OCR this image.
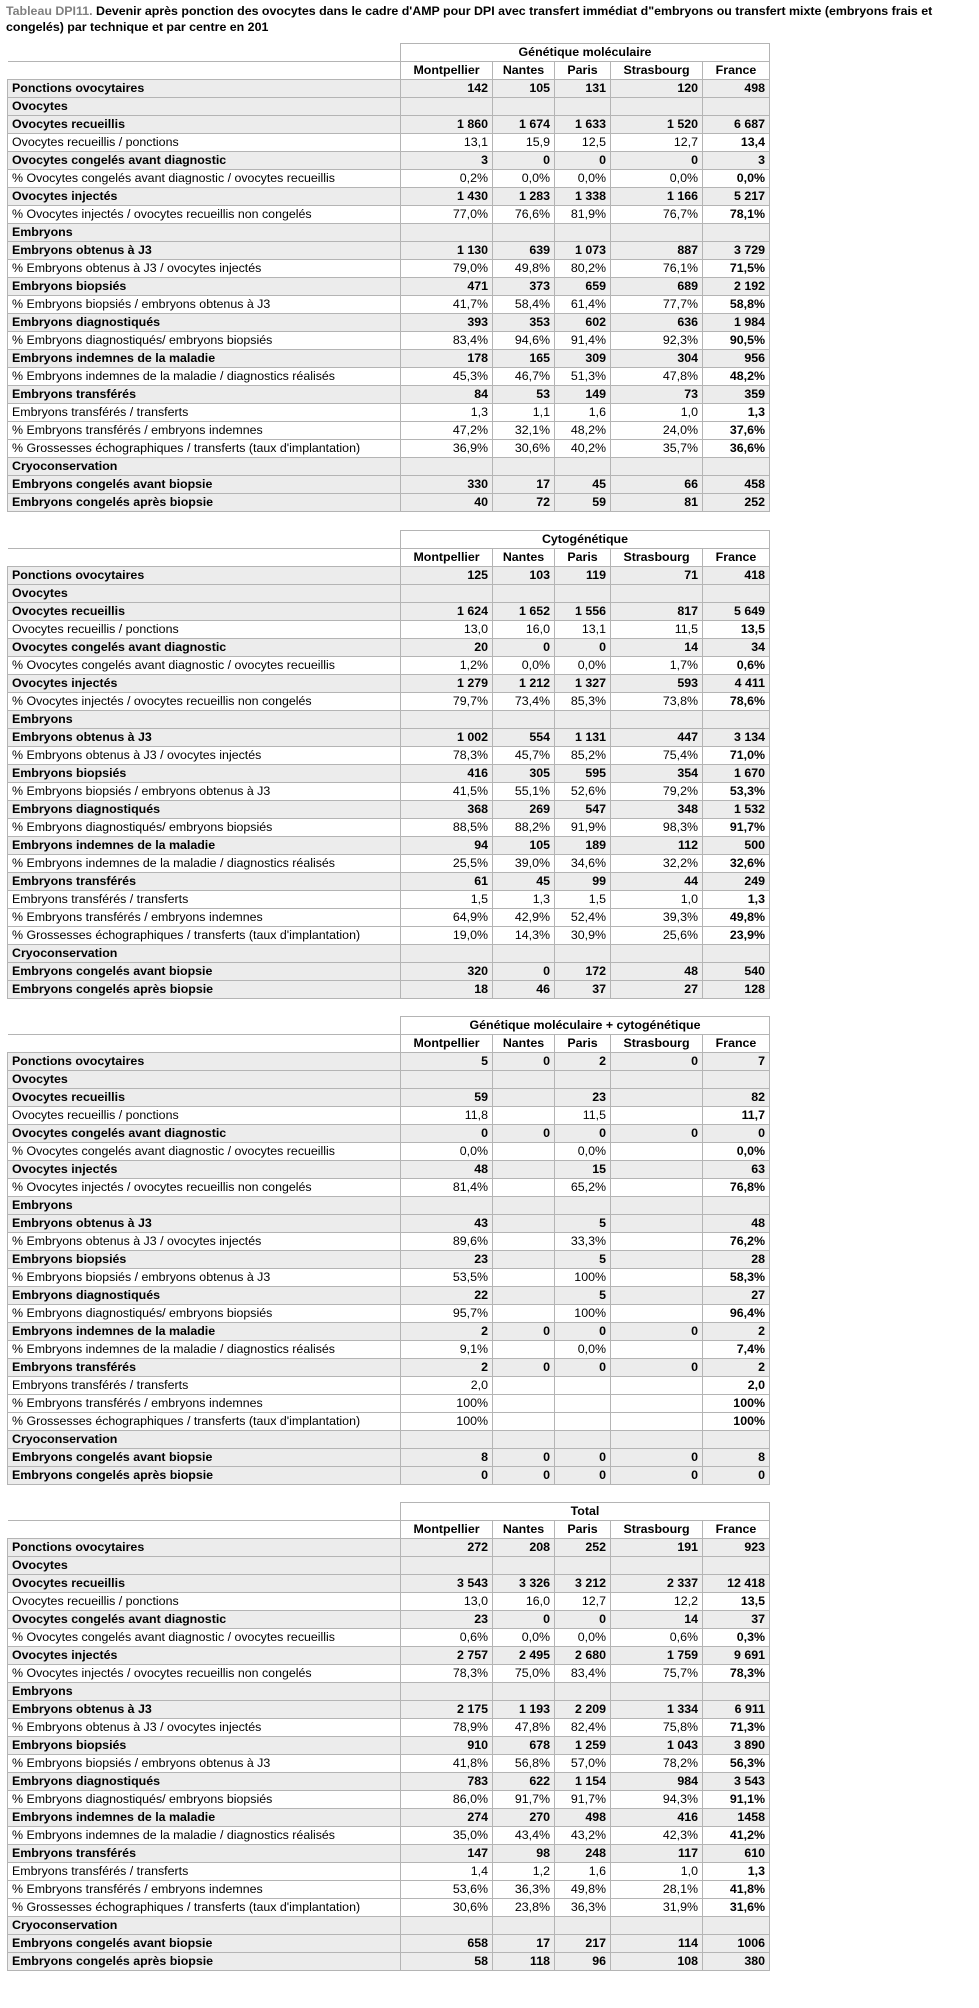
Tableau DPI11. Devenir après ponction des ovocytes dans le cadre d'AMP pour DPI avec transfert immédiat d"embryons ou transfert mixte (embryons frais et congelés) par technique et par centre en 201
	Génétique moléculaire				
	Montpellier	Nantes	Paris	Strasbourg	France
Ponctions ovocytaires	142	105	131	120	498
Ovocytes					
Ovocytes recueillis	1 860	1 674	1 633	1 520	6 687
Ovocytes recueillis / ponctions	13,1	15,9	12,5	12,7	13,4
Ovocytes congelés avant diagnostic	3	0	0	0	3
% Ovocytes congelés avant diagnostic / ovocytes recueillis	0,2%	0,0%	0,0%	0,0%	0,0%
Ovocytes injectés	1 430	1 283	1 338	1 166	5 217
% Ovocytes injectés / ovocytes recueillis non congelés	77,0%	76,6%	81,9%	76,7%	78,1%
Embryons					
Embryons obtenus à J3	1 130	639	1 073	887	3 729
% Embryons obtenus à J3 / ovocytes injectés	79,0%	49,8%	80,2%	76,1%	71,5%
Embryons biopsiés	471	373	659	689	2 192
% Embryons biopsiés / embryons obtenus à J3	41,7%	58,4%	61,4%	77,7%	58,8%
Embryons diagnostiqués	393	353	602	636	1 984
% Embryons diagnostiqués/ embryons biopsiés	83,4%	94,6%	91,4%	92,3%	90,5%
Embryons indemnes de la maladie	178	165	309	304	956
% Embryons indemnes de la maladie / diagnostics réalisés	45,3%	46,7%	51,3%	47,8%	48,2%
Embryons transférés	84	53	149	73	359
Embryons transférés / transferts	1,3	1,1	1,6	1,0	1,3
% Embryons transférés / embryons indemnes	47,2%	32,1%	48,2%	24,0%	37,6%
% Grossesses échographiques / transferts (taux d'implantation)	36,9%	30,6%	40,2%	35,7%	36,6%
Cryoconservation					
Embryons congelés avant biopsie	330	17	45	66	458
Embryons congelés après biopsie	40	72	59	81	252
	Cytogénétique				
	Montpellier	Nantes	Paris	Strasbourg	France
Ponctions ovocytaires	125	103	119	71	418
Ovocytes					
Ovocytes recueillis	1 624	1 652	1 556	817	5 649
Ovocytes recueillis / ponctions	13,0	16,0	13,1	11,5	13,5
Ovocytes congelés avant diagnostic	20	0	0	14	34
% Ovocytes congelés avant diagnostic / ovocytes recueillis	1,2%	0,0%	0,0%	1,7%	0,6%
Ovocytes injectés	1 279	1 212	1 327	593	4 411
% Ovocytes injectés / ovocytes recueillis non congelés	79,7%	73,4%	85,3%	73,8%	78,6%
Embryons					
Embryons obtenus à J3	1 002	554	1 131	447	3 134
% Embryons obtenus à J3 / ovocytes injectés	78,3%	45,7%	85,2%	75,4%	71,0%
Embryons biopsiés	416	305	595	354	1 670
% Embryons biopsiés / embryons obtenus à J3	41,5%	55,1%	52,6%	79,2%	53,3%
Embryons diagnostiqués	368	269	547	348	1 532
% Embryons diagnostiqués/ embryons biopsiés	88,5%	88,2%	91,9%	98,3%	91,7%
Embryons indemnes de la maladie	94	105	189	112	500
% Embryons indemnes de la maladie / diagnostics réalisés	25,5%	39,0%	34,6%	32,2%	32,6%
Embryons transférés	61	45	99	44	249
Embryons transférés / transferts	1,5	1,3	1,5	1,0	1,3
% Embryons transférés / embryons indemnes	64,9%	42,9%	52,4%	39,3%	49,8%
% Grossesses échographiques / transferts (taux d'implantation)	19,0%	14,3%	30,9%	25,6%	23,9%
Cryoconservation					
Embryons congelés avant biopsie	320	0	172	48	540
Embryons congelés après biopsie	18	46	37	27	128
	Génétique moléculaire + cytogénétique				
	Montpellier	Nantes	Paris	Strasbourg	France
Ponctions ovocytaires	5	0	2	0	7
Ovocytes					
Ovocytes recueillis	59		23		82
Ovocytes recueillis / ponctions	11,8		11,5		11,7
Ovocytes congelés avant diagnostic	0	0	0	0	0
% Ovocytes congelés avant diagnostic / ovocytes recueillis	0,0%		0,0%		0,0%
Ovocytes injectés	48		15		63
% Ovocytes injectés / ovocytes recueillis non congelés	81,4%		65,2%		76,8%
Embryons					
Embryons obtenus à J3	43		5		48
% Embryons obtenus à J3 / ovocytes injectés	89,6%		33,3%		76,2%
Embryons biopsiés	23		5		28
% Embryons biopsiés / embryons obtenus à J3	53,5%		100%		58,3%
Embryons diagnostiqués	22		5		27
% Embryons diagnostiqués/ embryons biopsiés	95,7%		100%		96,4%
Embryons indemnes de la maladie	2	0	0	0	2
% Embryons indemnes de la maladie / diagnostics réalisés	9,1%		0,0%		7,4%
Embryons transférés	2	0	0	0	2
Embryons transférés / transferts	2,0				2,0
% Embryons transférés / embryons indemnes	100%				100%
% Grossesses échographiques / transferts (taux d'implantation)	100%				100%
Cryoconservation					
Embryons congelés avant biopsie	8	0	0	0	8
Embryons congelés après biopsie	0	0	0	0	0
	Total				
	Montpellier	Nantes	Paris	Strasbourg	France
Ponctions ovocytaires	272	208	252	191	923
Ovocytes					
Ovocytes recueillis	3 543	3 326	3 212	2 337	12 418
Ovocytes recueillis / ponctions	13,0	16,0	12,7	12,2	13,5
Ovocytes congelés avant diagnostic	23	0	0	14	37
% Ovocytes congelés avant diagnostic / ovocytes recueillis	0,6%	0,0%	0,0%	0,6%	0,3%
Ovocytes injectés	2 757	2 495	2 680	1 759	9 691
% Ovocytes injectés / ovocytes recueillis non congelés	78,3%	75,0%	83,4%	75,7%	78,3%
Embryons					
Embryons obtenus à J3	2 175	1 193	2 209	1 334	6 911
% Embryons obtenus à J3 / ovocytes injectés	78,9%	47,8%	82,4%	75,8%	71,3%
Embryons biopsiés	910	678	1 259	1 043	3 890
% Embryons biopsiés / embryons obtenus à J3	41,8%	56,8%	57,0%	78,2%	56,3%
Embryons diagnostiqués	783	622	1 154	984	3 543
% Embryons diagnostiqués/ embryons biopsiés	86,0%	91,7%	91,7%	94,3%	91,1%
Embryons indemnes de la maladie	274	270	498	416	1458
% Embryons indemnes de la maladie / diagnostics réalisés	35,0%	43,4%	43,2%	42,3%	41,2%
Embryons transférés	147	98	248	117	610
Embryons transférés / transferts	1,4	1,2	1,6	1,0	1,3
% Embryons transférés / embryons indemnes	53,6%	36,3%	49,8%	28,1%	41,8%
% Grossesses échographiques / transferts (taux d'implantation)	30,6%	23,8%	36,3%	31,9%	31,6%
Cryoconservation					
Embryons congelés avant biopsie	658	17	217	114	1006
Embryons congelés après biopsie	58	118	96	108	380
